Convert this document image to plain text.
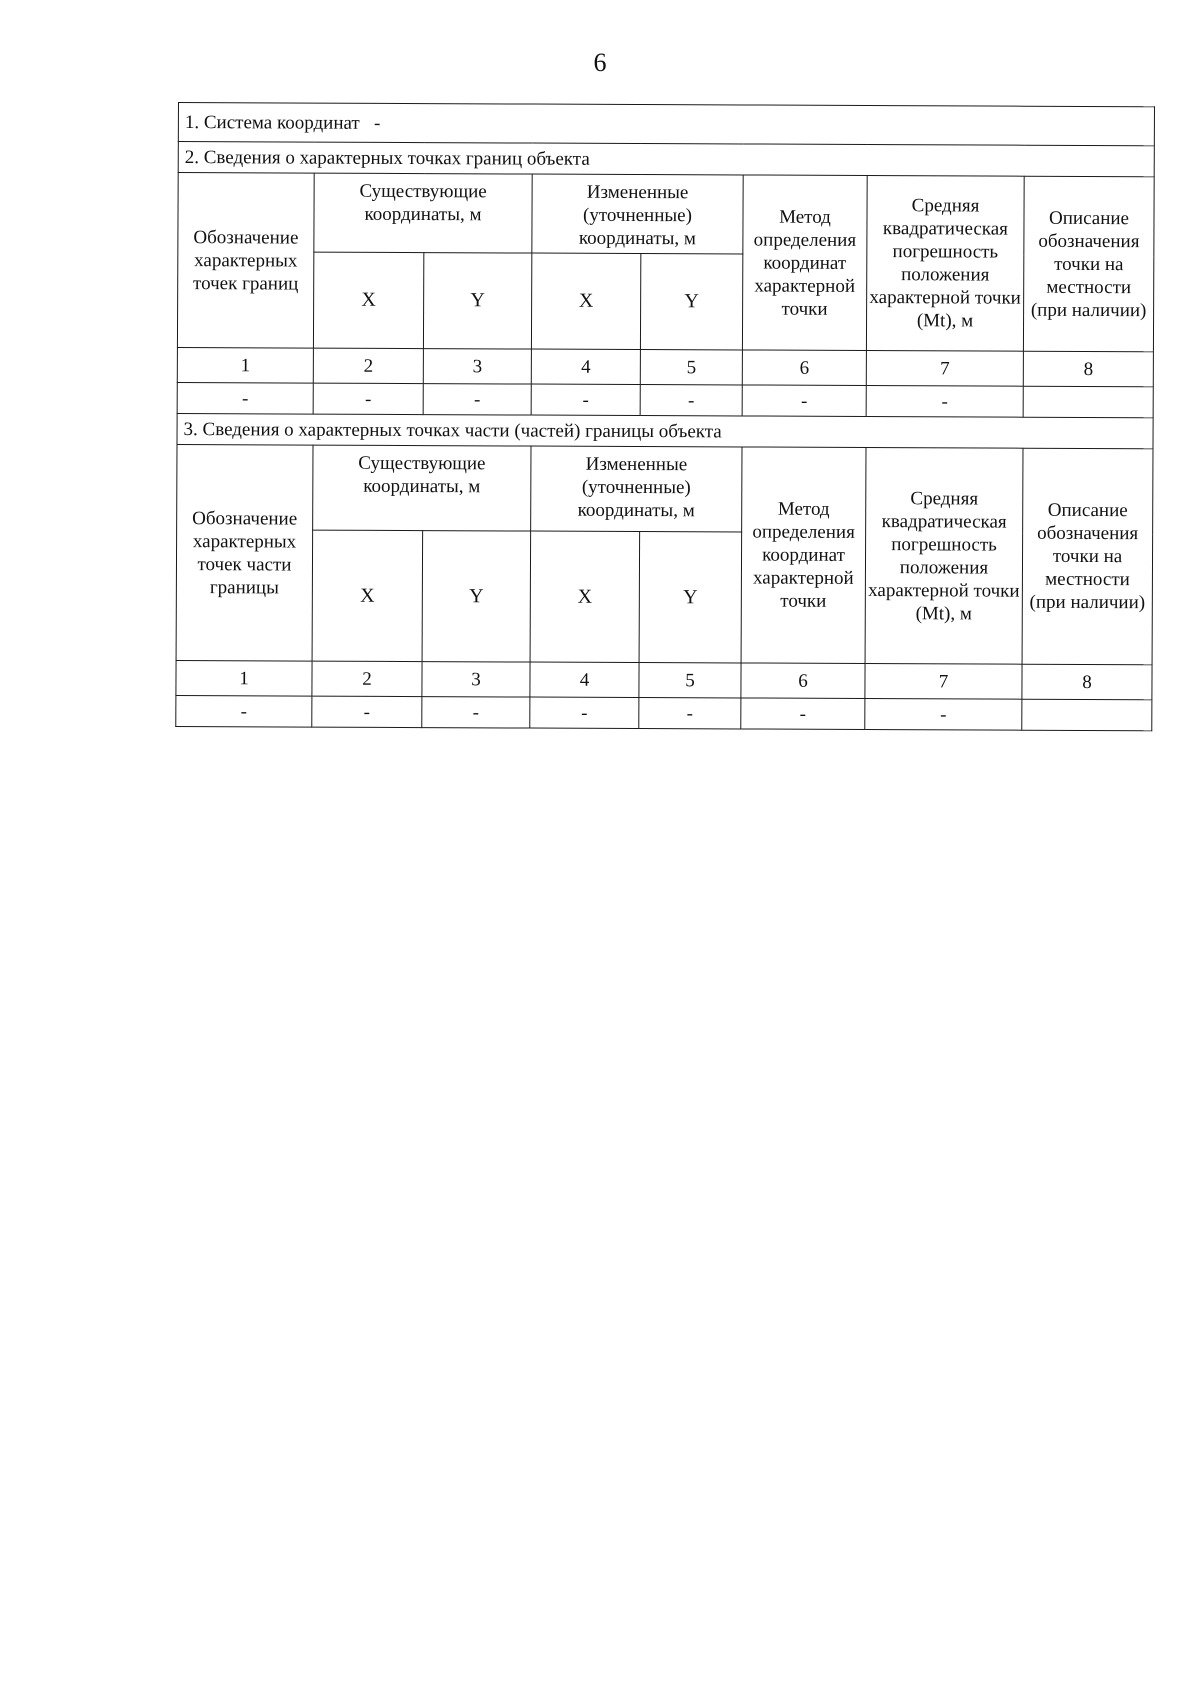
6
1. Система координат -							
2. Сведения о характерных точках границ объекта							
Обозначение характерных точек границ	Существующие координаты, м		Измененные (уточненные) координаты, м		Метод определения координат характерной точки	Средняя квадратическая погрешность положения характерной точки (Mt), м	Описание обозначения точки на местности (при наличии)
	X	Y	X	Y			
1	2	3	4	5	6	7	8
-	-	-	-	-	-	-	
3. Сведения о характерных точках части (частей) границы объекта							
Обозначение характерных точек части границы	Существующие координаты, м		Измененные (уточненные) координаты, м		Метод определения координат характерной точки	Средняя квадратическая погрешность положения характерной точки (Mt), м	Описание обозначения точки на местности (при наличии)
	X	Y	X	Y			
1	2	3	4	5	6	7	8
-	-	-	-	-	-	-	
